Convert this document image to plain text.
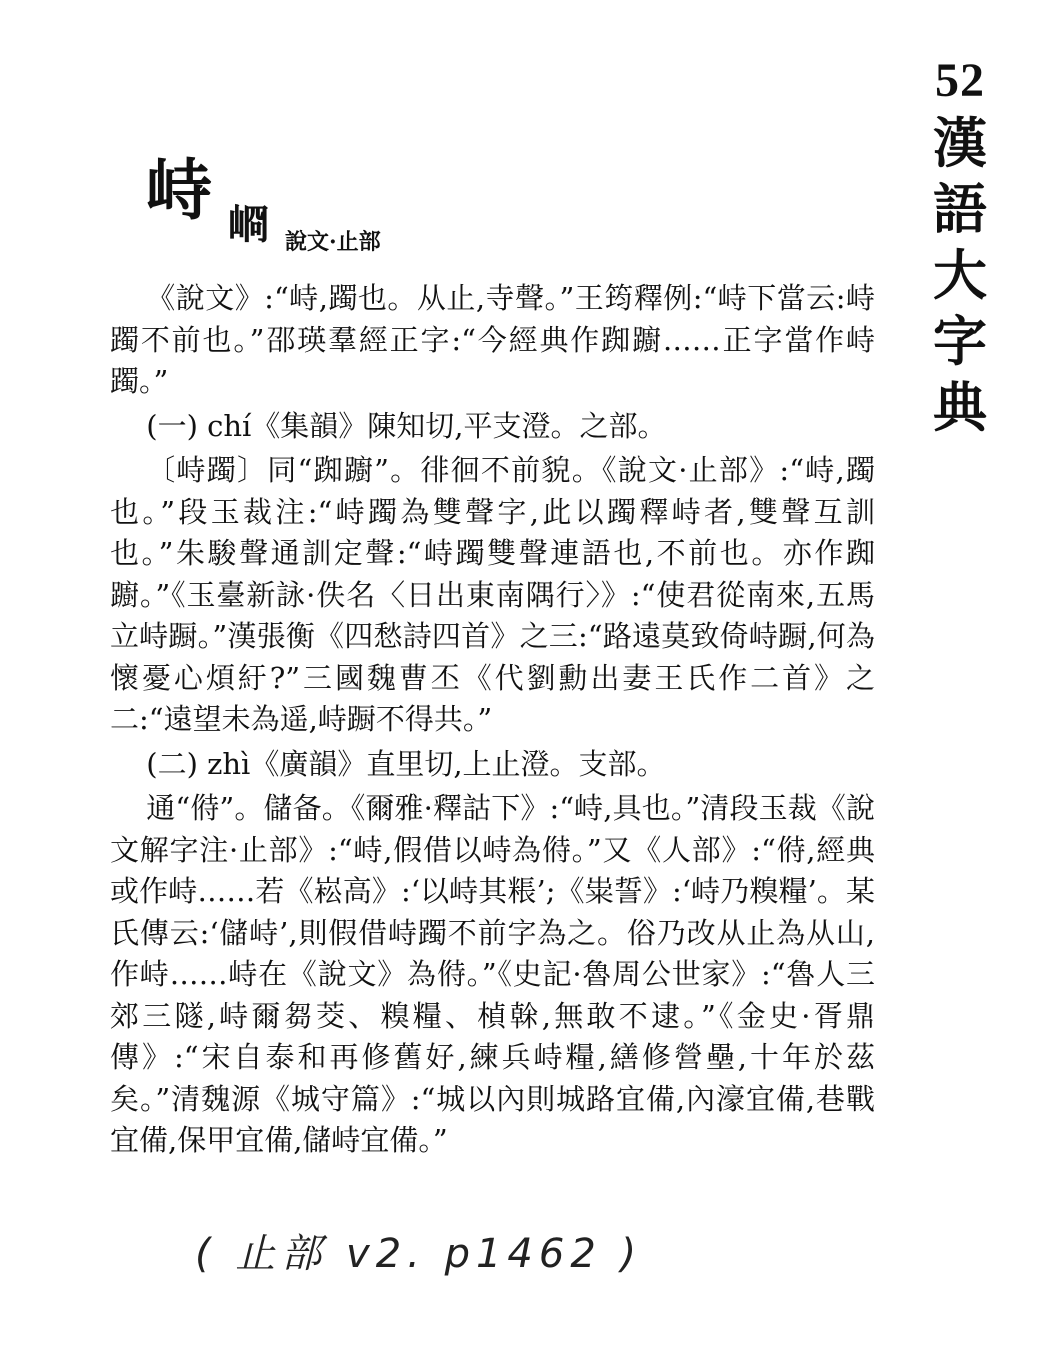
52
漢
語
大
字
典
峙 𡸀 說文·止部

《說文》:“峙,躅也。从止,寺聲。”王筠釋例:“峙下當云:峙躅不前也。”邵瑛羣經正字:“今經典作踟躕……正字當作峙躅。”

(一) chí《集韻》陳知切,平支澄。之部。

〔峙躅〕同“踟躕”。徘徊不前貌。《說文·止部》:“峙,躅也。”段玉裁注:“峙躅為雙聲字,此以躅釋峙者,雙聲互訓也。”朱駿聲通訓定聲:“峙躅雙聲連語也,不前也。亦作踟躕。”《玉臺新詠·佚名〈日出東南隅行〉》:“使君從南來,五馬立峙蹰。”漢張衡《四愁詩四首》之三:“路遠莫致倚峙蹰,何為懷憂心煩紆?”三國魏曹丕《代劉勳出妻王氏作二首》之二:“遠望未為遥,峙蹰不得共。”

(二) zhì《廣韻》直里切,上止澄。支部。

通“偫”。儲备。《爾雅·釋詁下》:“峙,具也。”清段玉裁《說文解字注·止部》:“峙,假借以峙為偫。”又《人部》:“偫,經典或作峙……若《崧高》:‘以峙其粻’;《粜誓》:‘峙乃糗糧’。某氏傳云:‘儲峙’,則假借峙躅不前字為之。俗乃改从止為从山,作峙……峙在《說文》為偫。”《史記·魯周公世家》:“魯人三郊三隧,峙爾芻茭、糗糧、楨榦,無敢不逮。”《金史·胥鼎傳》:“宋自泰和再修舊好,練兵峙糧,繕修營壘,十年於茲矣。”清魏源《城守篇》:“城以內則城路宜備,內濠宜備,巷戰宜備,保甲宜備,儲峙宜備。”

( 止部 v2. p1462 )
